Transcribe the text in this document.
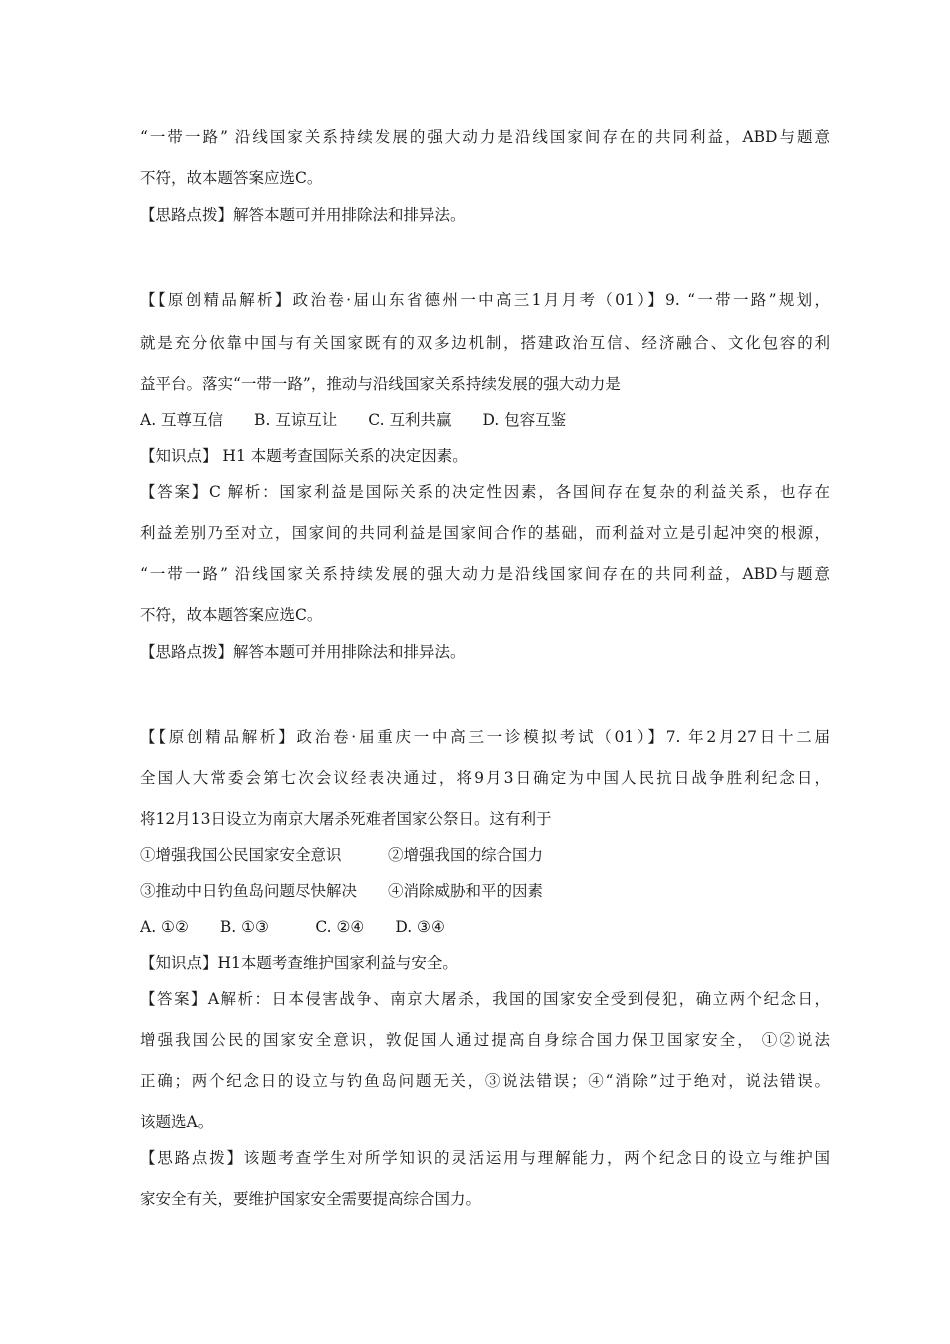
“一带一路” 沿线国家关系持续发展的强大动力是沿线国家间存在的共同利益，ABD与题意
不符，故本题答案应选C。
【思路点拨】解答本题可并用排除法和排异法。
【【原创精品解析】政治卷·届山东省德州一中高三1月月考（01）】9. “一带一路”规划，
就是充分依靠中国与有关国家既有的双多边机制，搭建政治互信、经济融合、文化包容的利
益平台。落实“一带一路”，推动与沿线国家关系持续发展的强大动力是
A. 互尊互信　　B. 互谅互让　　C. 互利共赢　　D. 包容互鉴
【知识点】 H1 本题考查国际关系的决定因素。
【答案】C 解析：国家利益是国际关系的决定性因素，各国间存在复杂的利益关系，也存在
利益差别乃至对立，国家间的共同利益是国家间合作的基础，而利益对立是引起冲突的根源，
“一带一路” 沿线国家关系持续发展的强大动力是沿线国家间存在的共同利益，ABD与题意
不符，故本题答案应选C。
【思路点拨】解答本题可并用排除法和排异法。
【【原创精品解析】政治卷·届重庆一中高三一诊模拟考试（01）】7. 年2月27日十二届
全国人大常委会第七次会议经表决通过，将9月3日确定为中国人民抗日战争胜利纪念日，
将12月13日设立为南京大屠杀死难者国家公祭日。这有利于
①增强我国公民国家安全意识　　　②增强我国的综合国力
③推动中日钓鱼岛问题尽快解决　　④消除威胁和平的因素
A. ①②　　B. ①③　　　C. ②④　　D. ③④
【知识点】H1本题考查维护国家利益与安全。
【答案】A解析：日本侵害战争、南京大屠杀，我国的国家安全受到侵犯，确立两个纪念日，
增强我国公民的国家安全意识，敦促国人通过提高自身综合国力保卫国家安全， ①②说法
正确；两个纪念日的设立与钓鱼岛问题无关，③说法错误；④“消除”过于绝对，说法错误。
该题选A。
【思路点拨】该题考查学生对所学知识的灵活运用与理解能力，两个纪念日的设立与维护国
家安全有关，要维护国家安全需要提高综合国力。
